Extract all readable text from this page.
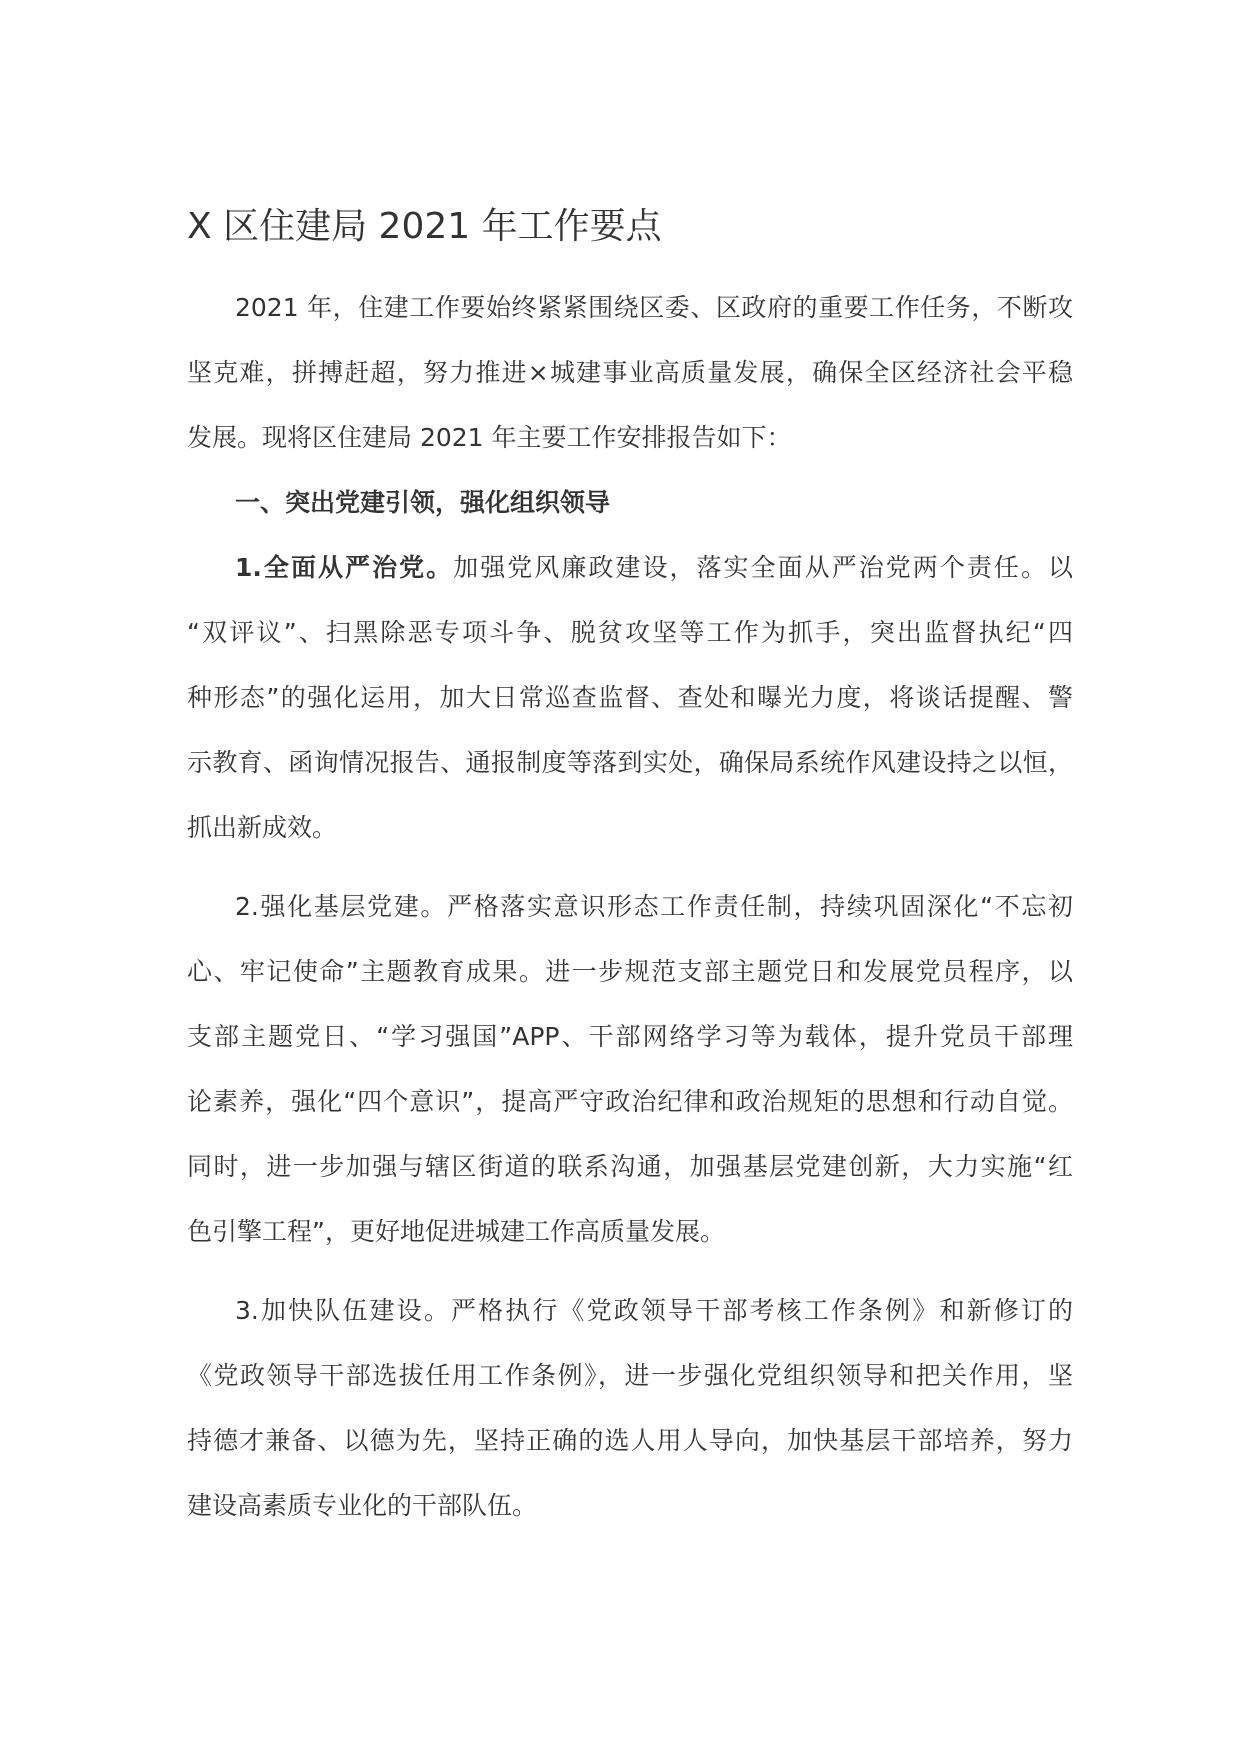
X 区住建局 2021 年工作要点
2021 年，住建工作要始终紧紧围绕区委、区政府的重要工作任务，不断攻
坚克难，拼搏赶超，努力推进×城建事业高质量发展，确保全区经济社会平稳
发展。现将区住建局 2021 年主要工作安排报告如下：
一、突出党建引领，强化组织领导
1.全面从严治党。加强党风廉政建设，落实全面从严治党两个责任。以
“双评议”、扫黑除恶专项斗争、脱贫攻坚等工作为抓手，突出监督执纪“四
种形态”的强化运用，加大日常巡查监督、查处和曝光力度，将谈话提醒、警
示教育、函询情况报告、通报制度等落到实处，确保局系统作风建设持之以恒，
抓出新成效。
2.强化基层党建。严格落实意识形态工作责任制，持续巩固深化“不忘初
心、牢记使命”主题教育成果。进一步规范支部主题党日和发展党员程序，以
支部主题党日、“学习强国”APP、干部网络学习等为载体，提升党员干部理
论素养，强化“四个意识”，提高严守政治纪律和政治规矩的思想和行动自觉。
同时，进一步加强与辖区街道的联系沟通，加强基层党建创新，大力实施“红
色引擎工程”，更好地促进城建工作高质量发展。
3.加快队伍建设。严格执行《党政领导干部考核工作条例》和新修订的
《党政领导干部选拔任用工作条例》，进一步强化党组织领导和把关作用，坚
持德才兼备、以德为先，坚持正确的选人用人导向，加快基层干部培养，努力
建设高素质专业化的干部队伍。
